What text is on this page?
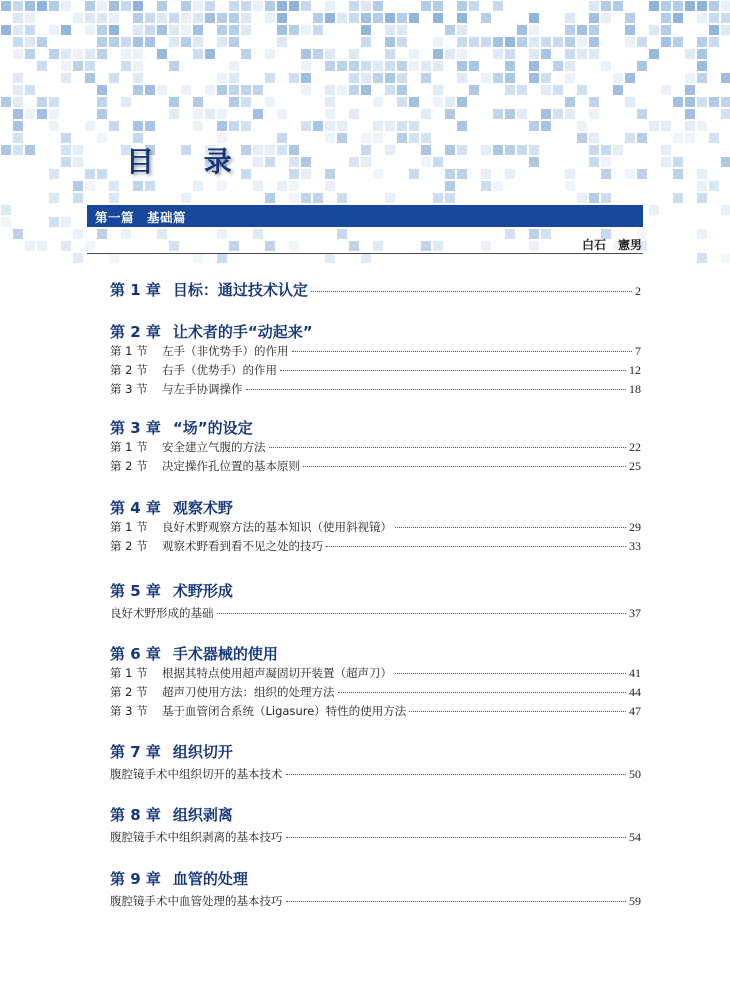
目 录
第一篇　基础篇
白石　憲男
第 1 章 目标：通过技术认定	2
第 2 章 让术者的手“动起来”
第 1 节	左手（非优势手）的作用	7
第 2 节	右手（优势手）的作用	12
第 3 节	与左手协调操作	18
第 3 章 “场”的设定
第 1 节	安全建立气腹的方法	22
第 2 节	决定操作孔位置的基本原则	25
第 4 章 观察术野
第 1 节	良好术野观察方法的基本知识（使用斜视镜）	29
第 2 节	观察术野看到看不见之处的技巧	33
第 5 章 术野形成
良好术野形成的基础	37
第 6 章 手术器械的使用
第 1 节	根据其特点使用超声凝固切开装置（超声刀）	41
第 2 节	超声刀使用方法：组织的处理方法	44
第 3 节	基于血管闭合系统（Ligasure）特性的使用方法	47
第 7 章 组织切开
腹腔镜手术中组织切开的基本技术	50
第 8 章 组织剥离
腹腔镜手术中组织剥离的基本技巧	54
第 9 章 血管的处理
腹腔镜手术中血管处理的基本技巧	59
